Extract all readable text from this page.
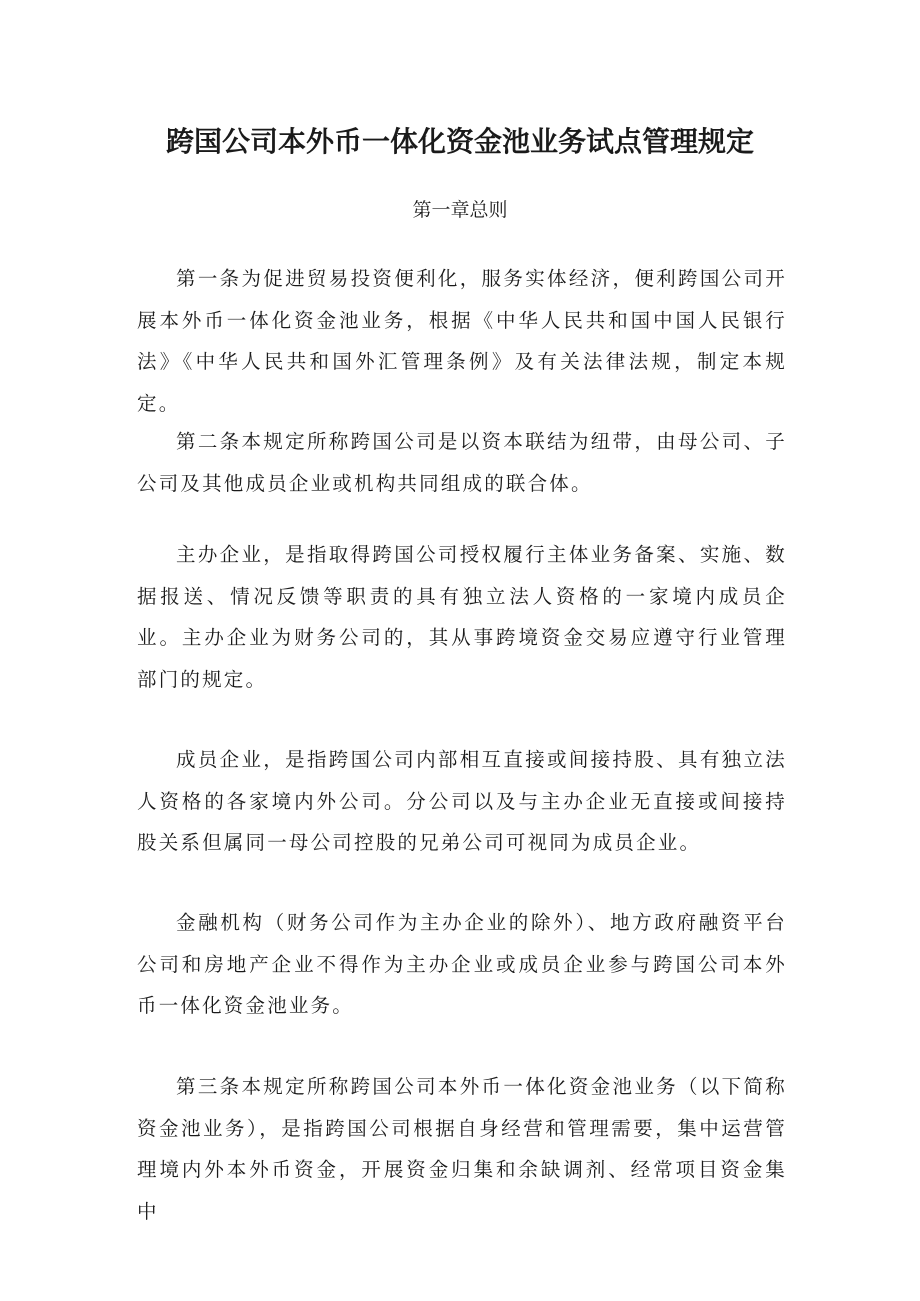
跨国公司本外币一体化资金池业务试点管理规定
第一章总则

第一条为促进贸易投资便利化，服务实体经济，便利跨国公司开展本外币一体化资金池业务，根据《中华人民共和国中国人民银行法》《中华人民共和国外汇管理条例》及有关法律法规，制定本规定。

第二条本规定所称跨国公司是以资本联结为纽带，由母公司、子公司及其他成员企业或机构共同组成的联合体。

主办企业，是指取得跨国公司授权履行主体业务备案、实施、数据报送、情况反馈等职责的具有独立法人资格的一家境内成员企业。主办企业为财务公司的，其从事跨境资金交易应遵守行业管理部门的规定。

成员企业，是指跨国公司内部相互直接或间接持股、具有独立法人资格的各家境内外公司。分公司以及与主办企业无直接或间接持股关系但属同一母公司控股的兄弟公司可视同为成员企业。

金融机构（财务公司作为主办企业的除外）、地方政府融资平台公司和房地产企业不得作为主办企业或成员企业参与跨国公司本外币一体化资金池业务。

第三条本规定所称跨国公司本外币一体化资金池业务（以下简称资金池业务），是指跨国公司根据自身经营和管理需要，集中运营管理境内外本外币资金，开展资金归集和余缺调剂、经常项目资金集中
